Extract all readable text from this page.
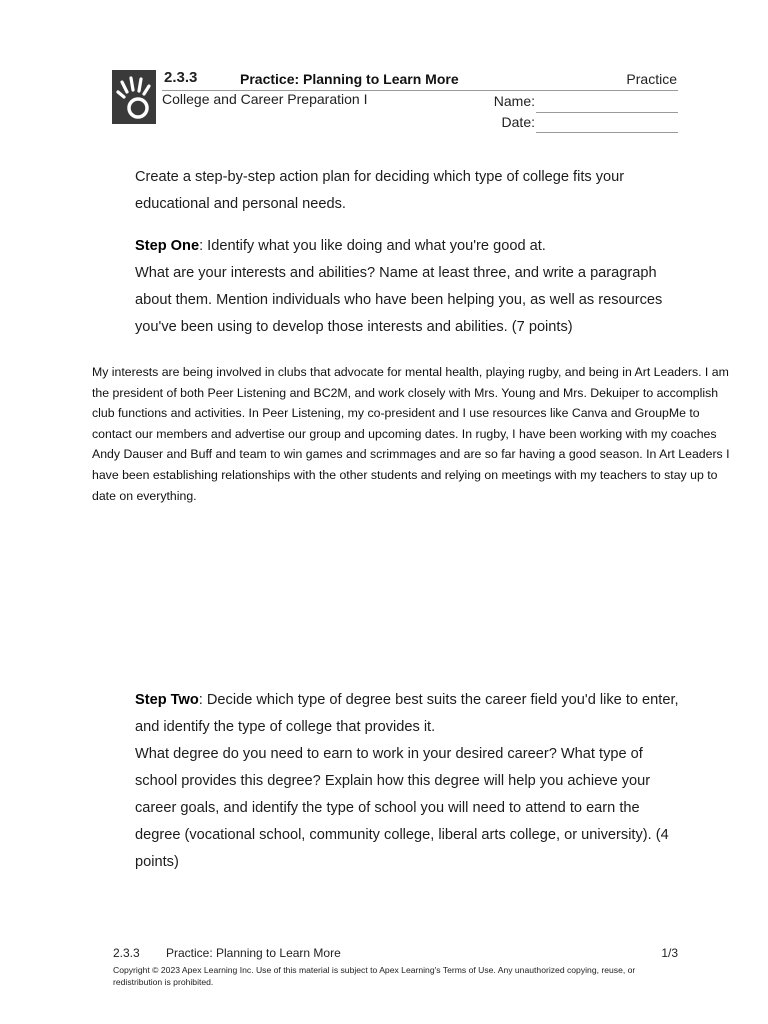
2.3.3	Practice: Planning to Learn More	Practice
College and Career Preparation I	Name:
Date:
Create a step-by-step action plan for deciding which type of college fits your educational and personal needs.
Step One: Identify what you like doing and what you're good at.
What are your interests and abilities? Name at least three, and write a paragraph about them. Mention individuals who have been helping you, as well as resources you've been using to develop those interests and abilities. (7 points)
My interests are being involved in clubs that advocate for mental health, playing rugby, and being in Art Leaders. I am the president of both Peer Listening and BC2M, and work closely with Mrs. Young and Mrs. Dekuiper to accomplish club functions and activities. In Peer Listening, my co-president and I use resources like Canva and GroupMe to contact our members and advertise our group and upcoming dates. In rugby, I have been working with my coaches Andy Dauser and Buff and team to win games and scrimmages and are so far having a good season. In Art Leaders I have been establishing relationships with the other students and relying on meetings with my teachers to stay up to date on everything.
Step Two: Decide which type of degree best suits the career field you'd like to enter, and identify the type of college that provides it.
What degree do you need to earn to work in your desired career? What type of school provides this degree? Explain how this degree will help you achieve your career goals, and identify the type of school you will need to attend to earn the degree (vocational school, community college, liberal arts college, or university). (4 points)
2.3.3 Practice: Planning to Learn More	1/3
Copyright © 2023 Apex Learning Inc. Use of this material is subject to Apex Learning's Terms of Use. Any unauthorized copying, reuse, or redistribution is prohibited.
